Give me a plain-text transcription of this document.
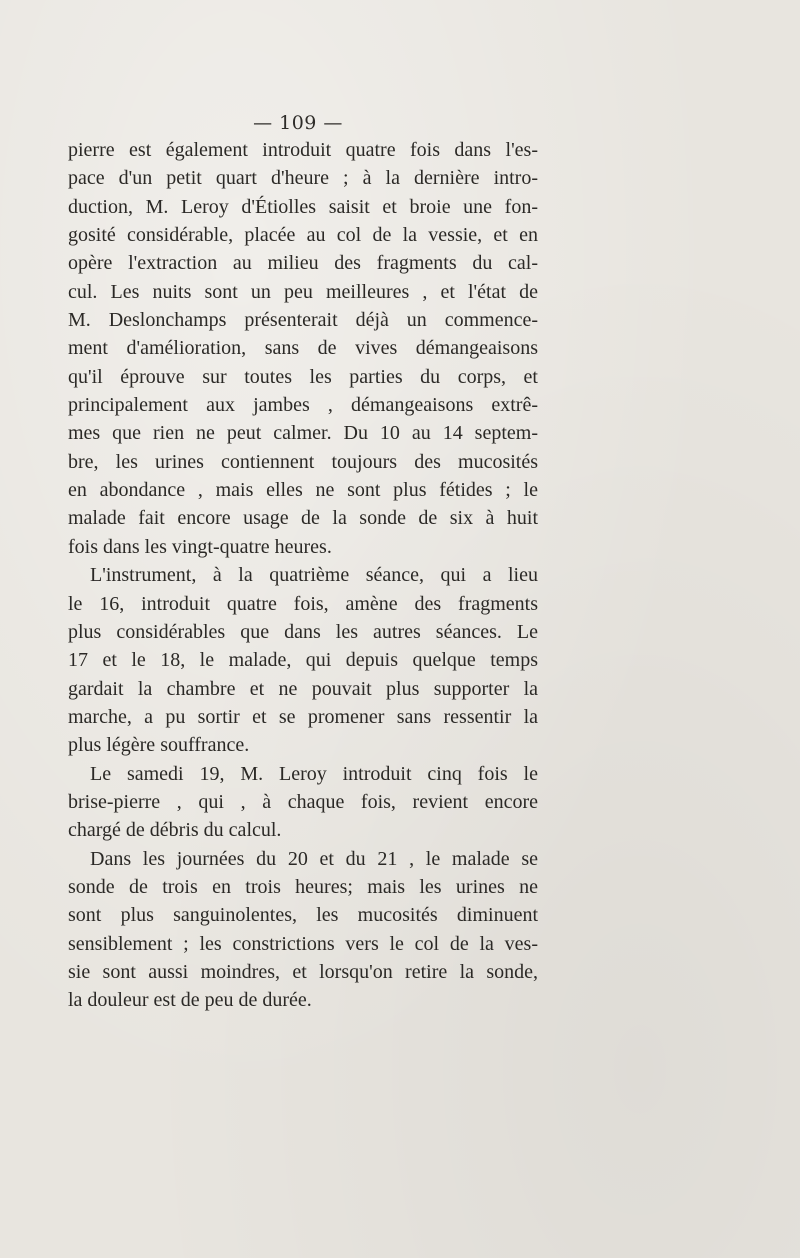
— 109 —
pierre est également introduit quatre fois dans l'es-
pace d'un petit quart d'heure ; à la dernière intro-
duction, M. Leroy d'Étiolles saisit et broie une fon-
gosité considérable, placée au col de la vessie, et en
opère l'extraction au milieu des fragments du cal-
cul. Les nuits sont un peu meilleures , et l'état de
M. Deslonchamps présenterait déjà un commence-
ment d'amélioration, sans de vives démangeaisons
qu'il éprouve sur toutes les parties du corps, et
principalement aux jambes , démangeaisons extrê-
mes que rien ne peut calmer. Du 10 au 14 septem-
bre, les urines contiennent toujours des mucosités
en abondance , mais elles ne sont plus fétides ; le
malade fait encore usage de la sonde de six à huit
fois dans les vingt-quatre heures.
L'instrument, à la quatrième séance, qui a lieu
le 16, introduit quatre fois, amène des fragments
plus considérables que dans les autres séances. Le
17 et le 18, le malade, qui depuis quelque temps
gardait la chambre et ne pouvait plus supporter la
marche, a pu sortir et se promener sans ressentir la
plus légère souffrance.
Le samedi 19, M. Leroy introduit cinq fois le
brise-pierre , qui , à chaque fois, revient encore
chargé de débris du calcul.
Dans les journées du 20 et du 21 , le malade se
sonde de trois en trois heures; mais les urines ne
sont plus sanguinolentes, les mucosités diminuent
sensiblement ; les constrictions vers le col de la ves-
sie sont aussi moindres, et lorsqu'on retire la sonde,
la douleur est de peu de durée.
